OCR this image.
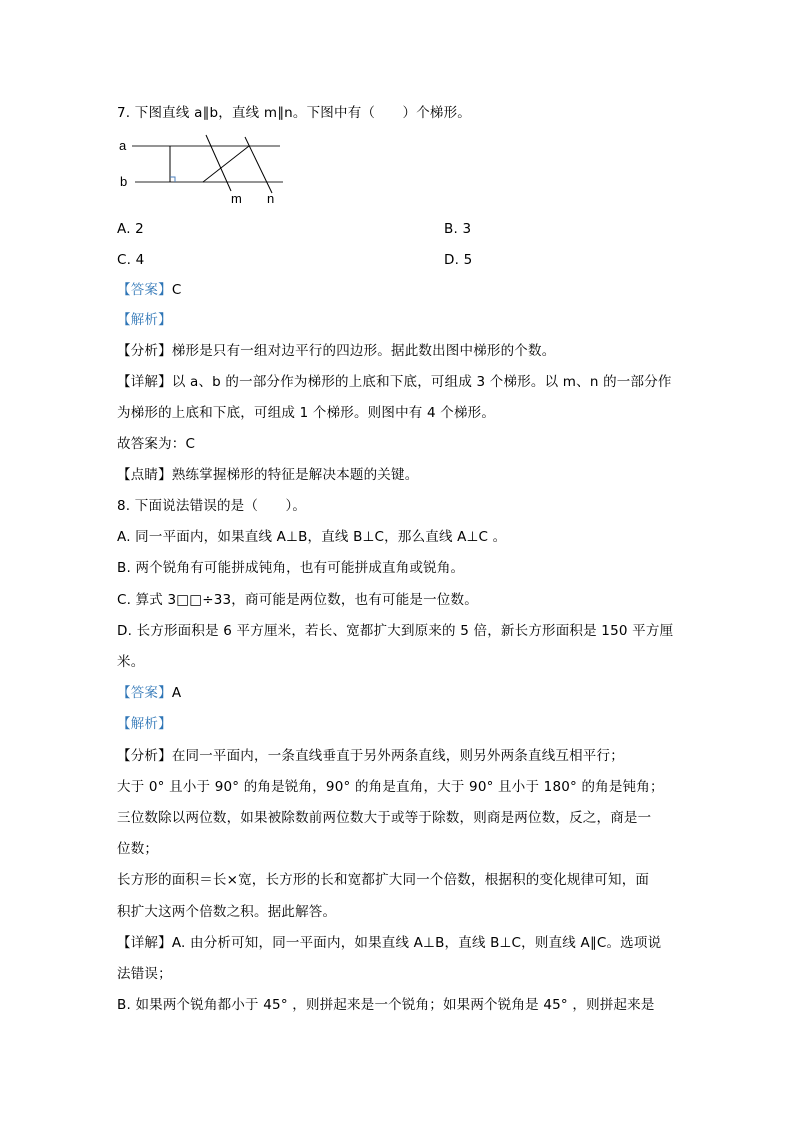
7. 下图直线 a∥b，直线 m∥n。下图中有（　　）个梯形。
a
b
m n
A. 2	B. 3
C. 4	D. 5
【答案】C
【解析】
【分析】梯形是只有一组对边平行的四边形。据此数出图中梯形的个数。
【详解】以 a、b 的一部分作为梯形的上底和下底，可组成 3 个梯形。以 m、n 的一部分作
为梯形的上底和下底，可组成 1 个梯形。则图中有 4 个梯形。
故答案为：C
【点睛】熟练掌握梯形的特征是解决本题的关键。
8. 下面说法错误的是（　　）。
A. 同一平面内，如果直线 A⊥B，直线 B⊥C，那么直线 A⊥C 。
B. 两个锐角有可能拼成钝角，也有可能拼成直角或锐角。
C. 算式 3□□÷33，商可能是两位数，也有可能是一位数。
D. 长方形面积是 6 平方厘米，若长、宽都扩大到原来的 5 倍，新长方形面积是 150 平方厘
米。
【答案】A
【解析】
【分析】在同一平面内，一条直线垂直于另外两条直线，则另外两条直线互相平行；
大于 0° 且小于 90° 的角是锐角，90° 的角是直角，大于 90° 且小于 180° 的角是钝角；
三位数除以两位数，如果被除数前两位数大于或等于除数，则商是两位数，反之，商是一
位数；
长方形的面积＝长×宽，长方形的长和宽都扩大同一个倍数，根据积的变化规律可知，面
积扩大这两个倍数之积。据此解答。
【详解】A. 由分析可知，同一平面内，如果直线 A⊥B，直线 B⊥C，则直线 A∥C。选项说
法错误；
B. 如果两个锐角都小于 45° ，则拼起来是一个锐角；如果两个锐角是 45° ，则拼起来是
